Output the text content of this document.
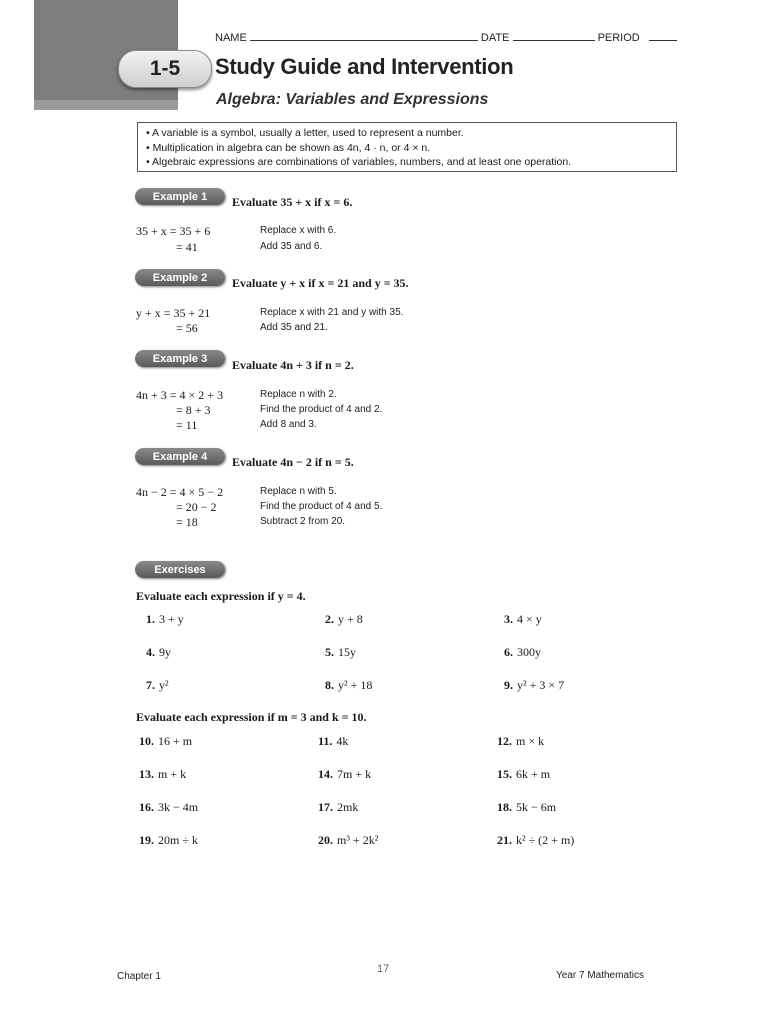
1-5
NAME	DATE	PERIOD
Study Guide and Intervention
Algebra: Variables and Expressions
• A variable is a symbol, usually a letter, used to represent a number.
• Multiplication in algebra can be shown as 4n, 4 · n, or 4 × n.
• Algebraic expressions are combinations of variables, numbers, and at least one operation.
Example 1	Evaluate 35 + x if x = 6.
35 + x = 35 + 6	Replace x with 6.
= 41	Add 35 and 6.
Example 2	Evaluate y + x if x = 21 and y = 35.
y + x = 35 + 21	Replace x with 21 and y with 35.
= 56	Add 35 and 21.
Example 3	Evaluate 4n + 3 if n = 2.
4n + 3 = 4 × 2 + 3	Replace n with 2.
= 8 + 3	Find the product of 4 and 2.
= 11	Add 8 and 3.
Example 4	Evaluate 4n − 2 if n = 5.
4n − 2 = 4 × 5 − 2	Replace n with 5.
= 20 − 2	Find the product of 4 and 5.
= 18	Subtract 2 from 20.
Exercises
Evaluate each expression if y = 4.
1. 3 + y	2. y + 8	3. 4 × y
4. 9y	5. 15y	6. 300y
7. y²	8. y² + 18	9. y² + 3 × 7
Evaluate each expression if m = 3 and k = 10.
10. 16 + m	11. 4k	12. m × k
13. m + k	14. 7m + k	15. 6k + m
16. 3k − 4m	17. 2mk	18. 5k − 6m
19. 20m ÷ k	20. m³ + 2k²	21. k² ÷ (2 + m)
Chapter 1
17
Year 7 Mathematics
